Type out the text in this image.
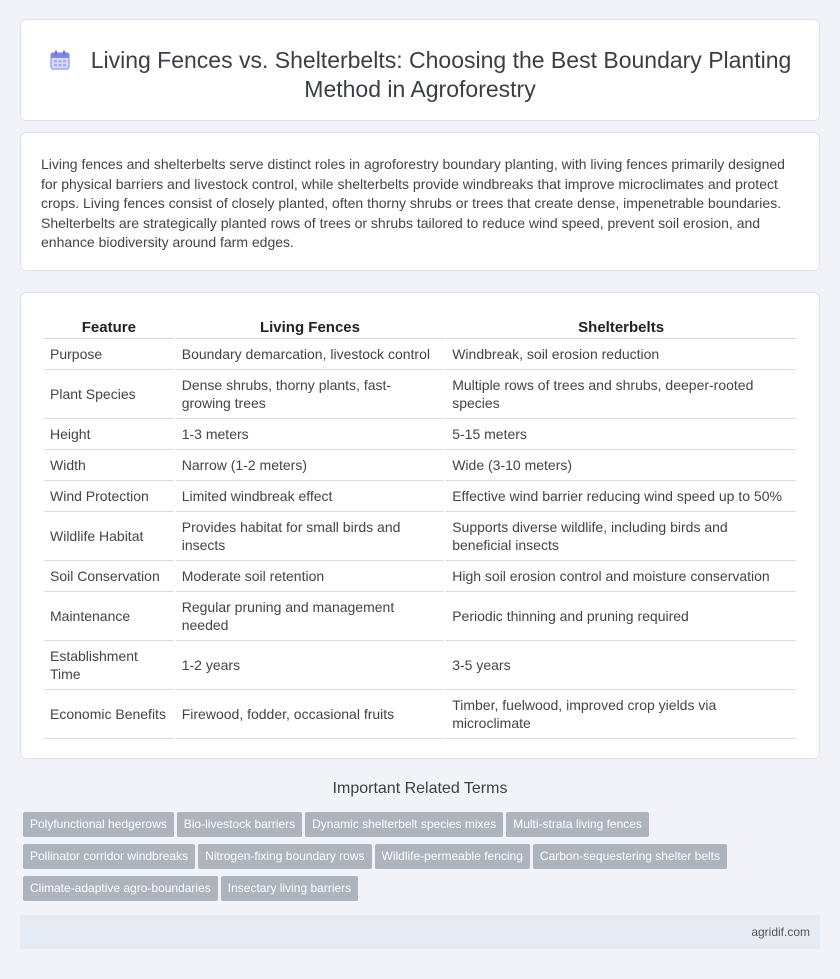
Living Fences vs. Shelterbelts: Choosing the Best Boundary Planting Method in Agroforestry

Living fences and shelterbelts serve distinct roles in agroforestry boundary planting, with living fences primarily designed for physical barriers and livestock control, while shelterbelts provide windbreaks that improve microclimates and protect crops. Living fences consist of closely planted, often thorny shrubs or trees that create dense, impenetrable boundaries. Shelterbelts are strategically planted rows of trees or shrubs tailored to reduce wind speed, prevent soil erosion, and enhance biodiversity around farm edges.

Feature	Living Fences	Shelterbelts
Purpose	Boundary demarcation, livestock control	Windbreak, soil erosion reduction
Plant Species	Dense shrubs, thorny plants, fast-growing trees	Multiple rows of trees and shrubs, deeper-rooted species
Height	1-3 meters	5-15 meters
Width	Narrow (1-2 meters)	Wide (3-10 meters)
Wind Protection	Limited windbreak effect	Effective wind barrier reducing wind speed up to 50%
Wildlife Habitat	Provides habitat for small birds and insects	Supports diverse wildlife, including birds and beneficial insects
Soil Conservation	Moderate soil retention	High soil erosion control and moisture conservation
Maintenance	Regular pruning and management needed	Periodic thinning and pruning required
Establishment Time	1-2 years	3-5 years
Economic Benefits	Firewood, fodder, occasional fruits	Timber, fuelwood, improved crop yields via microclimate
Important Related Terms
Polyfunctional hedgerows Bio-livestock barriers Dynamic shelterbelt species mixes Multi-strata living fences
Pollinator corridor windbreaks Nitrogen-fixing boundary rows Wildlife-permeable fencing Carbon-sequestering shelter belts
Climate-adaptive agro-boundaries Insectary living barriers
agridif.com
